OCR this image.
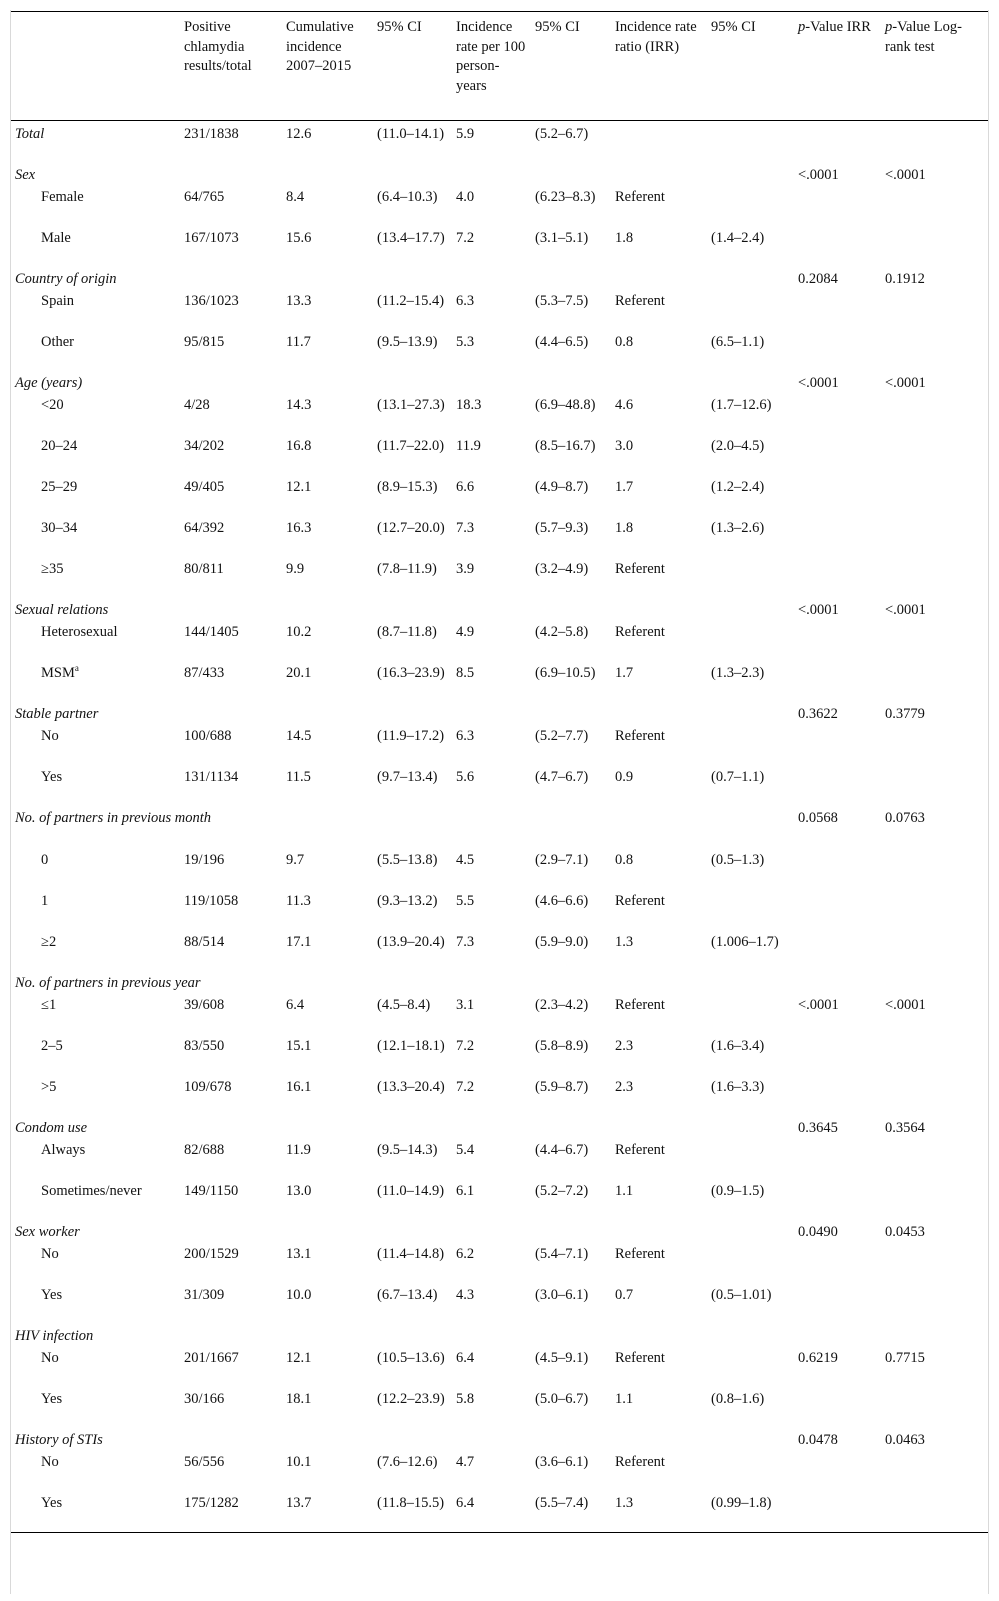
	Positive chlamydia results/total	Cumulative incidence 2007–2015	95% CI	Incidence rate per 100 person-years	95% CI	Incidence rate ratio (IRR)	95% CI	p-Value IRR	p-Value Log-rank test
Total	231/1838	12.6	(11.0–14.1)	5.9	(5.2–6.7)				
Sex								<.0001	<.0001
Female	64/765	8.4	(6.4–10.3)	4.0	(6.23–8.3)	Referent			
Male	167/1073	15.6	(13.4–17.7)	7.2	(3.1–5.1)	1.8	(1.4–2.4)		
Country of origin								0.2084	0.1912
Spain	136/1023	13.3	(11.2–15.4)	6.3	(5.3–7.5)	Referent			
Other	95/815	11.7	(9.5–13.9)	5.3	(4.4–6.5)	0.8	(6.5–1.1)		
Age (years)								<.0001	<.0001
<20	4/28	14.3	(13.1–27.3)	18.3	(6.9–48.8)	4.6	(1.7–12.6)		
20–24	34/202	16.8	(11.7–22.0)	11.9	(8.5–16.7)	3.0	(2.0–4.5)		
25–29	49/405	12.1	(8.9–15.3)	6.6	(4.9–8.7)	1.7	(1.2–2.4)		
30–34	64/392	16.3	(12.7–20.0)	7.3	(5.7–9.3)	1.8	(1.3–2.6)		
≥35	80/811	9.9	(7.8–11.9)	3.9	(3.2–4.9)	Referent			
Sexual relations								<.0001	<.0001
Heterosexual	144/1405	10.2	(8.7–11.8)	4.9	(4.2–5.8)	Referent			
MSM$^a$	87/433	20.1	(16.3–23.9)	8.5	(6.9–10.5)	1.7	(1.3–2.3)		
Stable partner								0.3622	0.3779
No	100/688	14.5	(11.9–17.2)	6.3	(5.2–7.7)	Referent			
Yes	131/1134	11.5	(9.7–13.4)	5.6	(4.7–6.7)	0.9	(0.7–1.1)		
No. of partners in previous month								0.0568	0.0763
0	19/196	9.7	(5.5–13.8)	4.5	(2.9–7.1)	0.8	(0.5–1.3)		
1	119/1058	11.3	(9.3–13.2)	5.5	(4.6–6.6)	Referent			
≥2	88/514	17.1	(13.9–20.4)	7.3	(5.9–9.0)	1.3	(1.006–1.7)		
No. of partners in previous year									
≤1	39/608	6.4	(4.5–8.4)	3.1	(2.3–4.2)	Referent		<.0001	<.0001
2–5	83/550	15.1	(12.1–18.1)	7.2	(5.8–8.9)	2.3	(1.6–3.4)		
>5	109/678	16.1	(13.3–20.4)	7.2	(5.9–8.7)	2.3	(1.6–3.3)		
Condom use								0.3645	0.3564
Always	82/688	11.9	(9.5–14.3)	5.4	(4.4–6.7)	Referent			
Sometimes/never	149/1150	13.0	(11.0–14.9)	6.1	(5.2–7.2)	1.1	(0.9–1.5)		
Sex worker								0.0490	0.0453
No	200/1529	13.1	(11.4–14.8)	6.2	(5.4–7.1)	Referent			
Yes	31/309	10.0	(6.7–13.4)	4.3	(3.0–6.1)	0.7	(0.5–1.01)		
HIV infection									
No	201/1667	12.1	(10.5–13.6)	6.4	(4.5–9.1)	Referent		0.6219	0.7715
Yes	30/166	18.1	(12.2–23.9)	5.8	(5.0–6.7)	1.1	(0.8–1.6)		
History of STIs								0.0478	0.0463
No	56/556	10.1	(7.6–12.6)	4.7	(3.6–6.1)	Referent			
Yes	175/1282	13.7	(11.8–15.5)	6.4	(5.5–7.4)	1.3	(0.99–1.8)		
